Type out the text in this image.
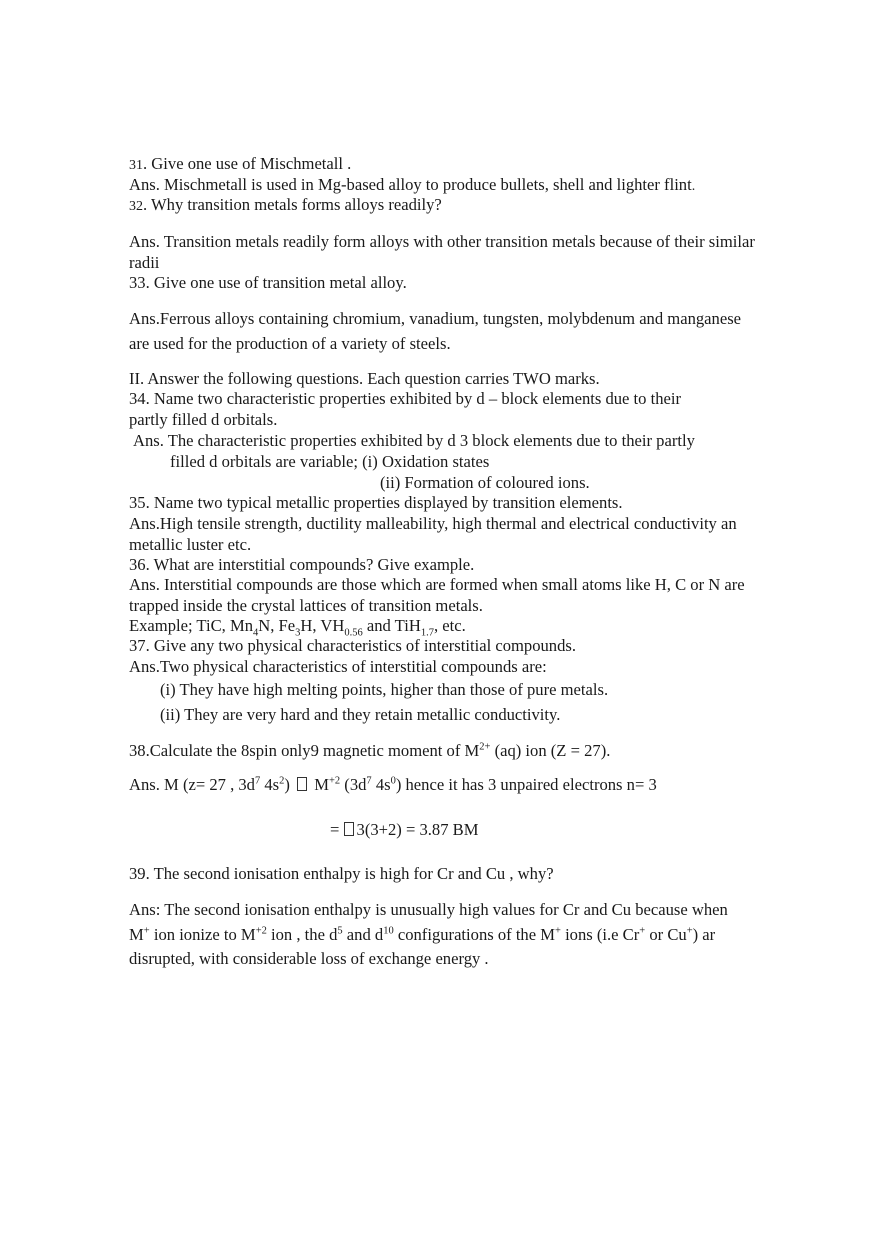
31. Give one use of Mischmetall .
Ans. Mischmetall is used in Mg-based alloy to produce bullets, shell and lighter flint.
32. Why transition metals forms alloys readily?
Ans. Transition metals readily form alloys with other transition metals because of their similar
radii
33. Give one use of transition metal alloy.
Ans.Ferrous alloys containing chromium, vanadium, tungsten, molybdenum and manganese
are used for the production of a variety of steels.
II. Answer the following questions. Each question carries TWO marks.
34. Name two characteristic properties exhibited by d – block elements due to their
partly filled d orbitals.
Ans. The characteristic properties exhibited by d 3 block elements due to their partly
filled d orbitals are variable; (i) Oxidation states
(ii) Formation of coloured ions.
35. Name two typical metallic properties displayed by transition elements.
Ans.High tensile strength, ductility malleability, high thermal and electrical conductivity an
metallic luster etc.
36. What are interstitial compounds? Give example.
Ans. Interstitial compounds are those which are formed when small atoms like H, C or N are
trapped inside the crystal lattices of transition metals.
Example; TiC, $Mn_4N$, $Fe_3H$, $VH_{0.56}$ and TiH$_{1.7}$, etc.
37. Give any two physical characteristics of interstitial compounds.
Ans.Two physical characteristics of interstitial compounds are:
(i) They have high melting points, higher than those of pure metals.
(ii) They are very hard and they retain metallic conductivity.
38.Calculate the 8spin only9 magnetic moment of $M^{2+}$ (aq) ion (Z = 27).
Ans. M (z= 27 , $3d^7$ $4s^2$)  $M^{+2}$ ($3d^7$ $4s^0$) hence it has 3 unpaired electrons n= 3
= 3(3+2) = 3.87 BM
39. The second ionisation enthalpy is high for Cr and Cu , why?
Ans: The second ionisation enthalpy is unusually high values for Cr and Cu because when
M+ ion ionize to $M^{+2}$ ion , the $d^5$ and $d^{10}$ configurations of the M+ ions (i.e Cr+ or Cu+) ar
disrupted, with considerable loss of exchange energy .
